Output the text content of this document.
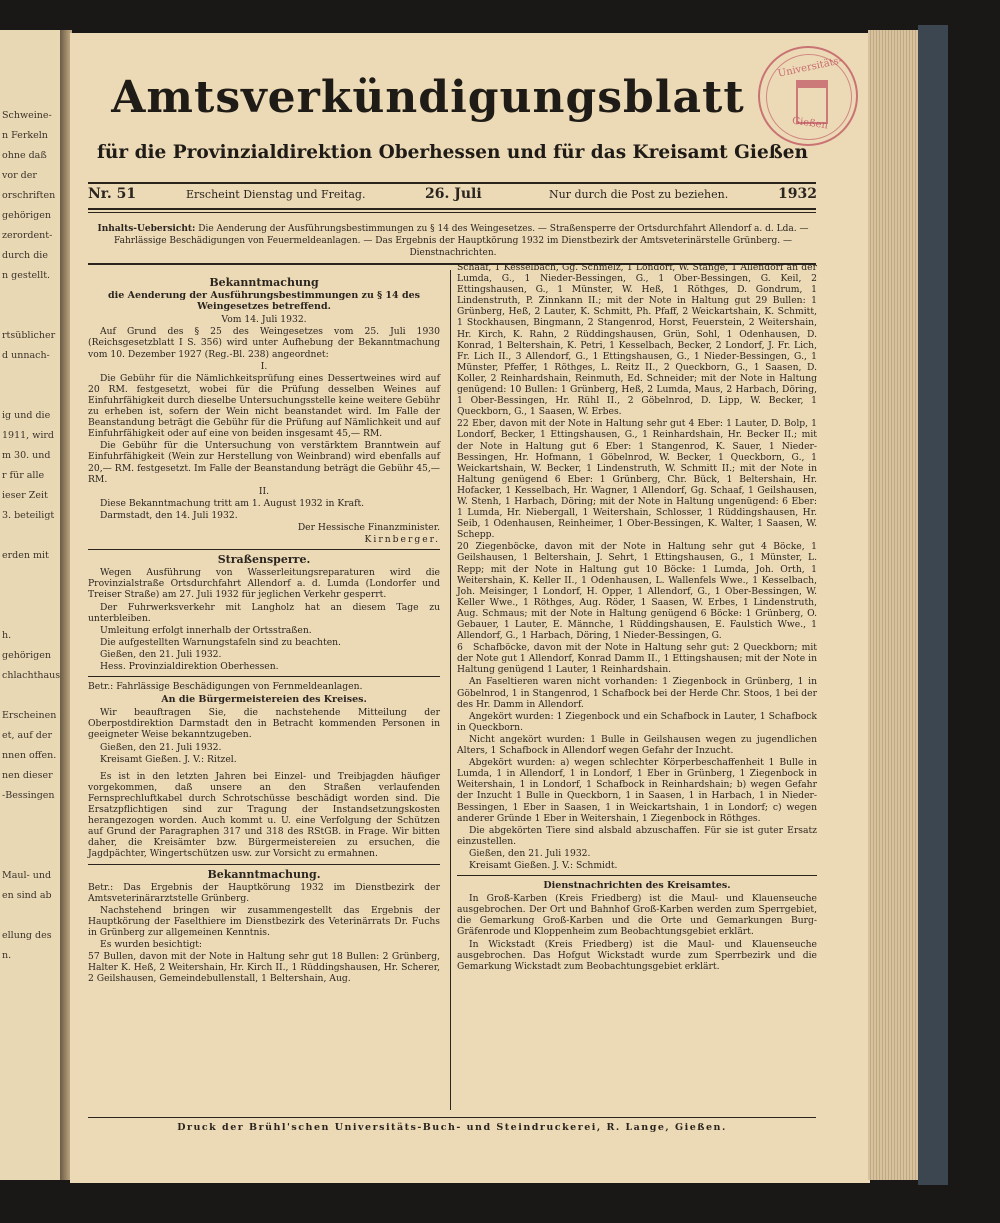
Schweine-
n Ferkeln
ohne daß
vor der
orschriften
gehörigen
zerordent-
durch die
n gestellt.
rtsüblicher
d unnach-
ig und die
1911, wird
m 30. und
r für alle
ieser Zeit
3. beteiligt
erden mit
h.
gehörigen
chlachthaus
Erscheinen
et, auf der
nnen offen.
nen dieser
-Bessingen
Maul- und
en sind ab
ellung des
n.
Amtsverkündigungsblatt
für die Provinzialdirektion Oberhessen und für das Kreisamt Gießen
Universitäts-
Gießen
Nr. 51	Erscheint Dienstag und Freitag.	26. Juli	Nur durch die Post zu beziehen.	1932
Inhalts-Uebersicht: Die Aenderung der Ausführungsbestimmungen zu § 14 des Weingesetzes. — Straßensperre der Ortsdurchfahrt Allendorf a. d. Lda. — Fahrlässige Beschädigungen von Feuermeldeanlagen. — Das Ergebnis der Hauptkörung 1932 im Dienstbezirk der Amtsveterinärstelle Grünberg. — Dienstnachrichten.
Bekanntmachung
die Aenderung der Ausführungsbestimmungen zu § 14 des Weingesetzes betreffend.

Vom 14. Juli 1932.

Auf Grund des § 25 des Weingesetzes vom 25. Juli 1930 (Reichsgesetzblatt I S. 356) wird unter Aufhebung der Bekanntmachung vom 10. Dezember 1927 (Reg.-Bl. 238) angeordnet:

I.

Die Gebühr für die Nämlichkeitsprüfung eines Dessertweines wird auf 20 RM. festgesetzt, wobei für die Prüfung desselben Weines auf Einfuhrfähigkeit durch dieselbe Untersuchungsstelle keine weitere Gebühr zu erheben ist, sofern der Wein nicht beanstandet wird. Im Falle der Beanstandung beträgt die Gebühr für die Prüfung auf Nämlichkeit und auf Einfuhrfähigkeit oder auf eine von beiden insgesamt 45,— RM.

Die Gebühr für die Untersuchung von verstärktem Branntwein auf Einfuhrfähigkeit (Wein zur Herstellung von Weinbrand) wird ebenfalls auf 20,— RM. festgesetzt. Im Falle der Beanstandung beträgt die Gebühr 45,— RM.

II.

Diese Bekanntmachung tritt am 1. August 1932 in Kraft.

Darmstadt, den 14. Juli 1932.

Der Hessische Finanzminister.

Kirnberger.

Straßensperre.

Wegen Ausführung von Wasserleitungsreparaturen wird die Provinzialstraße Ortsdurchfahrt Allendorf a. d. Lumda (Londorfer und Treiser Straße) am 27. Juli 1932 für jeglichen Verkehr gesperrt.

Der Fuhrwerksverkehr mit Langholz hat an diesem Tage zu unterbleiben.

Umleitung erfolgt innerhalb der Ortsstraßen.

Die aufgestellten Warnungstafeln sind zu beachten.

Gießen, den 21. Juli 1932.

Hess. Provinzialdirektion Oberhessen.

Betr.: Fahrlässige Beschädigungen von Fernmeldeanlagen.

An die Bürgermeistereien des Kreises.

Wir beauftragen Sie, die nachstehende Mitteilung der Oberpostdirektion Darmstadt den in Betracht kommenden Personen in geeigneter Weise bekanntzugeben.

Gießen, den 21. Juli 1932.

Kreisamt Gießen. J. V.: Ritzel.

Es ist in den letzten Jahren bei Einzel- und Treibjagden häufiger vorgekommen, daß unsere an den Straßen verlaufenden Fernsprechluftkabel durch Schrotschüsse beschädigt worden sind. Die Ersatzpflichtigen sind zur Tragung der Instandsetzungskosten herangezogen worden. Auch kommt u. U. eine Verfolgung der Schützen auf Grund der Paragraphen 317 und 318 des RStGB. in Frage. Wir bitten daher, die Kreisämter bzw. Bürgermeistereien zu ersuchen, die Jagdpächter, Wingertschützen usw. zur Vorsicht zu ermahnen.

Bekanntmachung.

Betr.: Das Ergebnis der Hauptkörung 1932 im Dienstbezirk der Amtsveterinärarztstelle Grünberg.

Nachstehend bringen wir zusammengestellt das Ergebnis der Hauptkörung der Faselthiere im Dienstbezirk des Veterinärrats Dr. Fuchs in Grünberg zur allgemeinen Kenntnis.

Es wurden besichtigt:

57 Bullen, davon mit der Note in Haltung sehr gut 18 Bullen: 2 Grünberg, Halter K. Heß, 2 Weitershain, Hr. Kirch II., 1 Rüddingshausen, Hr. Scherer, 2 Geilshausen, Gemeindebullenstall, 1 Beltershain, Aug.

Schaaf, 1 Kesselbach, Gg. Schmelz, 1 Londorf, W. Stange, 1 Allendorf an der Lumda, G., 1 Nieder-Bessingen, G., 1 Ober-Bessingen, G. Keil, 2 Ettingshausen, G., 1 Münster, W. Heß, 1 Röthges, D. Gondrum, 1 Lindenstruth, P. Zinnkann II.; mit der Note in Haltung gut 29 Bullen: 1 Grünberg, Heß, 2 Lauter, K. Schmitt, Ph. Pfaff, 2 Weickartshain, K. Schmitt, 1 Stockhausen, Bingmann, 2 Stangenrod, Horst, Feuerstein, 2 Weitershain, Hr. Kirch, K. Rahn, 2 Rüddingshausen, Grün, Sohl, 1 Odenhausen, D. Konrad, 1 Beltershain, K. Petri, 1 Kesselbach, Becker, 2 Londorf, J. Fr. Lich, Fr. Lich II., 3 Allendorf, G., 1 Ettingshausen, G., 1 Nieder-Bessingen, G., 1 Münster, Pfeffer, 1 Röthges, L. Reitz II., 2 Queckborn, G., 1 Saasen, D. Koller, 2 Reinhardshain, Reinmuth, Ed. Schneider; mit der Note in Haltung genügend: 10 Bullen: 1 Grünberg, Heß, 2 Lumda, Maus, 2 Harbach, Döring, 1 Ober-Bessingen, Hr. Rühl II., 2 Göbelnrod, D. Lipp, W. Becker, 1 Queckborn, G., 1 Saasen, W. Erbes.

22 Eber, davon mit der Note in Haltung sehr gut 4 Eber: 1 Lauter, D. Bolp, 1 Londorf, Becker, 1 Ettingshausen, G., 1 Reinhardshain, Hr. Becker II.; mit der Note in Haltung gut 6 Eber: 1 Stangenrod, K. Sauer, 1 Nieder-Bessingen, Hr. Hofmann, 1 Göbelnrod, W. Becker, 1 Queckborn, G., 1 Weickartshain, W. Becker, 1 Lindenstruth, W. Schmitt II.; mit der Note in Haltung genügend 6 Eber: 1 Grünberg, Chr. Bück, 1 Beltershain, Hr. Hofacker, 1 Kesselbach, Hr. Wagner, 1 Allendorf, Gg. Schaaf, 1 Geilshausen, W. Stenh, 1 Harbach, Döring; mit der Note in Haltung ungenügend: 6 Eber: 1 Lumda, Hr. Niebergall, 1 Weitershain, Schlosser, 1 Rüddingshausen, Hr. Seib, 1 Odenhausen, Reinheimer, 1 Ober-Bessingen, K. Walter, 1 Saasen, W. Schepp.

20 Ziegenböcke, davon mit der Note in Haltung sehr gut 4 Böcke, 1 Geilshausen, 1 Beltershain, J. Sehrt, 1 Ettingshausen, G., 1 Münster, L. Repp; mit der Note in Haltung gut 10 Böcke: 1 Lumda, Joh. Orth, 1 Weitershain, K. Keller II., 1 Odenhausen, L. Wallenfels Wwe., 1 Kesselbach, Joh. Meisinger, 1 Londorf, H. Opper, 1 Allendorf, G., 1 Ober-Bessingen, W. Keller Wwe., 1 Röthges, Aug. Röder, 1 Saasen, W. Erbes, 1 Lindenstruth, Aug. Schmaus; mit der Note in Haltung genügend 6 Böcke: 1 Grünberg, O. Gebauer, 1 Lauter, E. Männche, 1 Rüddingshausen, E. Faulstich Wwe., 1 Allendorf, G., 1 Harbach, Döring, 1 Nieder-Bessingen, G.

6 Schafböcke, davon mit der Note in Haltung sehr gut: 2 Queckborn; mit der Note gut 1 Allendorf, Konrad Damm II., 1 Ettingshausen; mit der Note in Haltung genügend 1 Lauter, 1 Reinhardshain.

An Faseltieren waren nicht vorhanden: 1 Ziegenbock in Grünberg, 1 in Göbelnrod, 1 in Stangenrod, 1 Schafbock bei der Herde Chr. Stoos, 1 bei der des Hr. Damm in Allendorf.

Angekört wurden: 1 Ziegenbock und ein Schafbock in Lauter, 1 Schafbock in Queckborn.

Nicht angekört wurden: 1 Bulle in Geilshausen wegen zu jugendlichen Alters, 1 Schafbock in Allendorf wegen Gefahr der Inzucht.

Abgekört wurden: a) wegen schlechter Körperbeschaffenheit 1 Bulle in Lumda, 1 in Allendorf, 1 in Londorf, 1 Eber in Grünberg, 1 Ziegenbock in Weitershain, 1 in Londorf, 1 Schafbock in Reinhardshain; b) wegen Gefahr der Inzucht 1 Bulle in Queckborn, 1 in Saasen, 1 in Harbach, 1 in Nieder-Bessingen, 1 Eber in Saasen, 1 in Weickartshain, 1 in Londorf; c) wegen anderer Gründe 1 Eber in Weitershain, 1 Ziegenbock in Röthges.

Die abgekörten Tiere sind alsbald abzuschaffen. Für sie ist guter Ersatz einzustellen.

Gießen, den 21. Juli 1932.

Kreisamt Gießen. J. V.: Schmidt.

Dienstnachrichten des Kreisamtes.

In Groß-Karben (Kreis Friedberg) ist die Maul- und Klauenseuche ausgebrochen. Der Ort und Bahnhof Groß-Karben werden zum Sperrgebiet, die Gemarkung Groß-Karben und die Orte und Gemarkungen Burg-Gräfenrode und Kloppenheim zum Beobachtungsgebiet erklärt.

In Wickstadt (Kreis Friedberg) ist die Maul- und Klauenseuche ausgebrochen. Das Hofgut Wickstadt wurde zum Sperrbezirk und die Gemarkung Wickstadt zum Beobachtungsgebiet erklärt.

Druck der Brühl'schen Universitäts-Buch- und Steindruckerei, R. Lange, Gießen.
